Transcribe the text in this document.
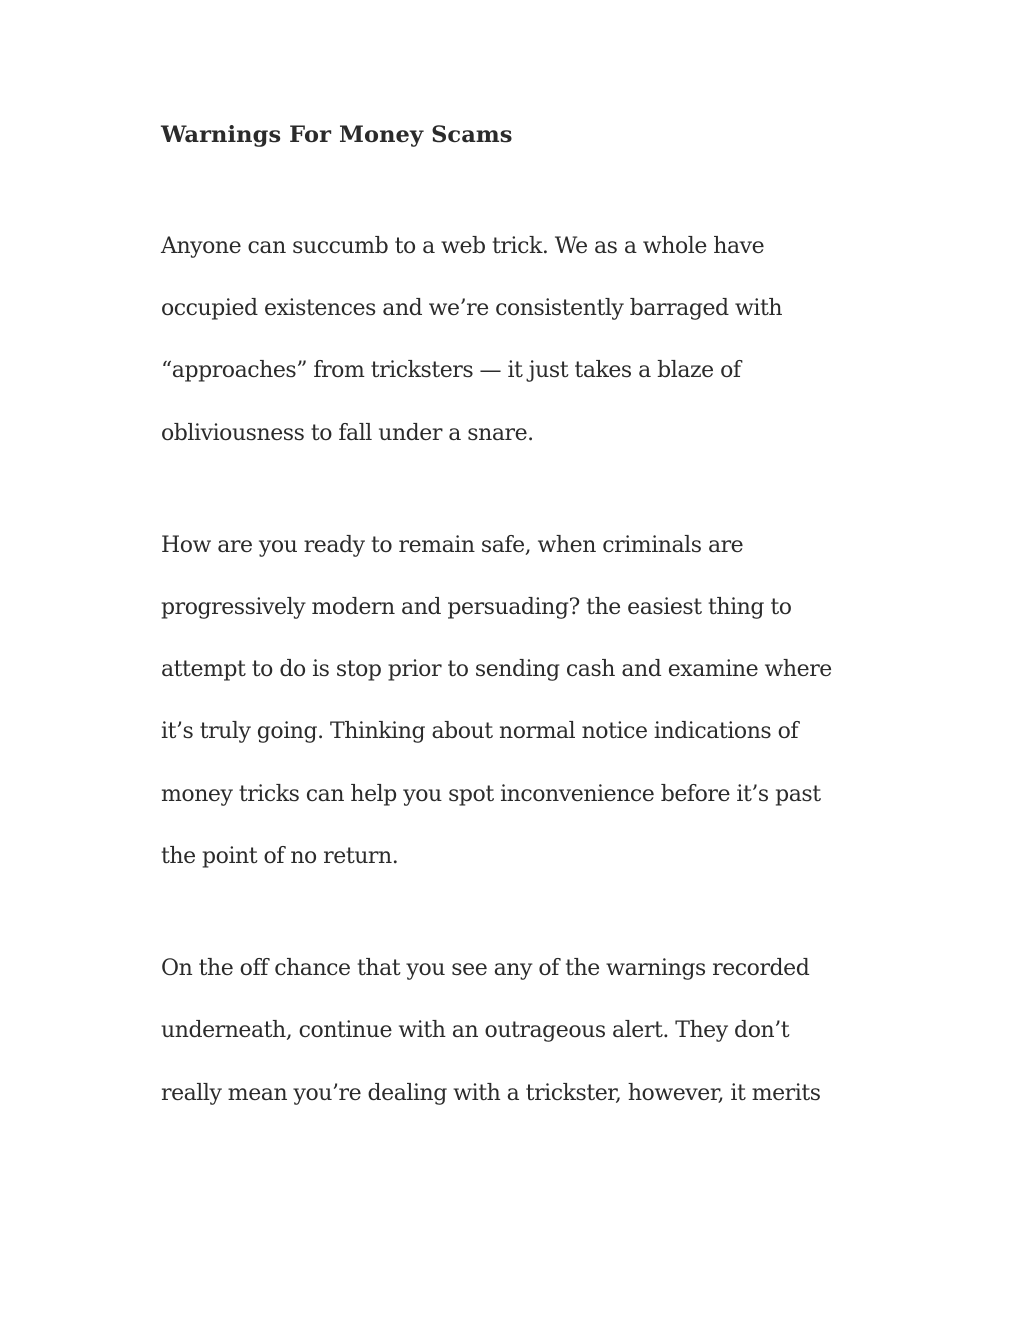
Warnings For Money Scams

Anyone can succumb to a web trick. We as a whole have

occupied existences and we’re consistently barraged with

“approaches” from tricksters — it just takes a blaze of

obliviousness to fall under a snare.

How are you ready to remain safe, when criminals are

progressively modern and persuading? the easiest thing to

attempt to do is stop prior to sending cash and examine where

it’s truly going. Thinking about normal notice indications of

money tricks can help you spot inconvenience before it’s past

the point of no return.

On the off chance that you see any of the warnings recorded

underneath, continue with an outrageous alert. They don’t

really mean you’re dealing with a trickster, however, it merits
